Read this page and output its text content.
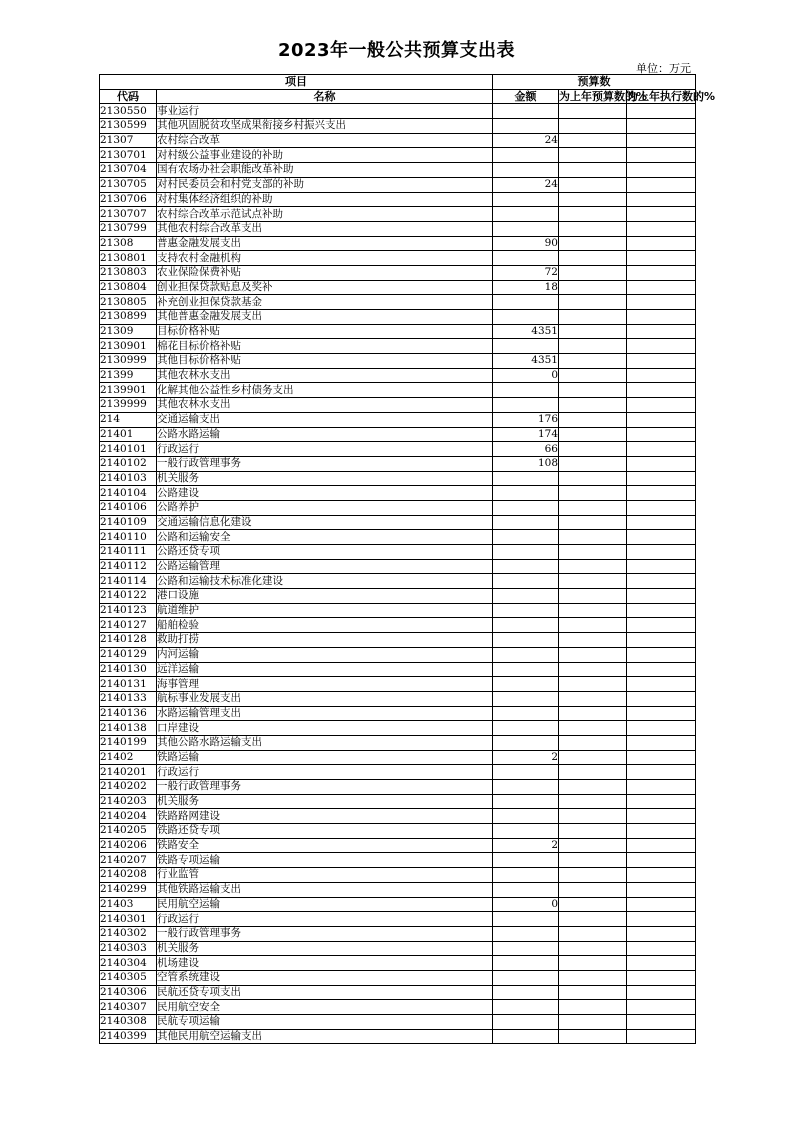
2023年一般公共预算支出表
单位：万元
项目		预算数		
代码	名称	金额	为上年预算数的%	为上年执行数的%
2130550	事业运行			
2130599	其他巩固脱贫攻坚成果衔接乡村振兴支出			
21307	农村综合改革	24		
2130701	对村级公益事业建设的补助			
2130704	国有农场办社会职能改革补助			
2130705	对村民委员会和村党支部的补助	24		
2130706	对村集体经济组织的补助			
2130707	农村综合改革示范试点补助			
2130799	其他农村综合改革支出			
21308	普惠金融发展支出	90		
2130801	支持农村金融机构			
2130803	农业保险保费补贴	72		
2130804	创业担保贷款贴息及奖补	18		
2130805	补充创业担保贷款基金			
2130899	其他普惠金融发展支出			
21309	目标价格补贴	4351		
2130901	棉花目标价格补贴			
2130999	其他目标价格补贴	4351		
21399	其他农林水支出	0		
2139901	化解其他公益性乡村债务支出			
2139999	其他农林水支出			
214	交通运输支出	176		
21401	公路水路运输	174		
2140101	行政运行	66		
2140102	一般行政管理事务	108		
2140103	机关服务			
2140104	公路建设			
2140106	公路养护			
2140109	交通运输信息化建设			
2140110	公路和运输安全			
2140111	公路还贷专项			
2140112	公路运输管理			
2140114	公路和运输技术标准化建设			
2140122	港口设施			
2140123	航道维护			
2140127	船舶检验			
2140128	救助打捞			
2140129	内河运输			
2140130	远洋运输			
2140131	海事管理			
2140133	航标事业发展支出			
2140136	水路运输管理支出			
2140138	口岸建设			
2140199	其他公路水路运输支出			
21402	铁路运输	2		
2140201	行政运行			
2140202	一般行政管理事务			
2140203	机关服务			
2140204	铁路路网建设			
2140205	铁路还贷专项			
2140206	铁路安全	2		
2140207	铁路专项运输			
2140208	行业监管			
2140299	其他铁路运输支出			
21403	民用航空运输	0		
2140301	行政运行			
2140302	一般行政管理事务			
2140303	机关服务			
2140304	机场建设			
2140305	空管系统建设			
2140306	民航还贷专项支出			
2140307	民用航空安全			
2140308	民航专项运输			
2140399	其他民用航空运输支出			
